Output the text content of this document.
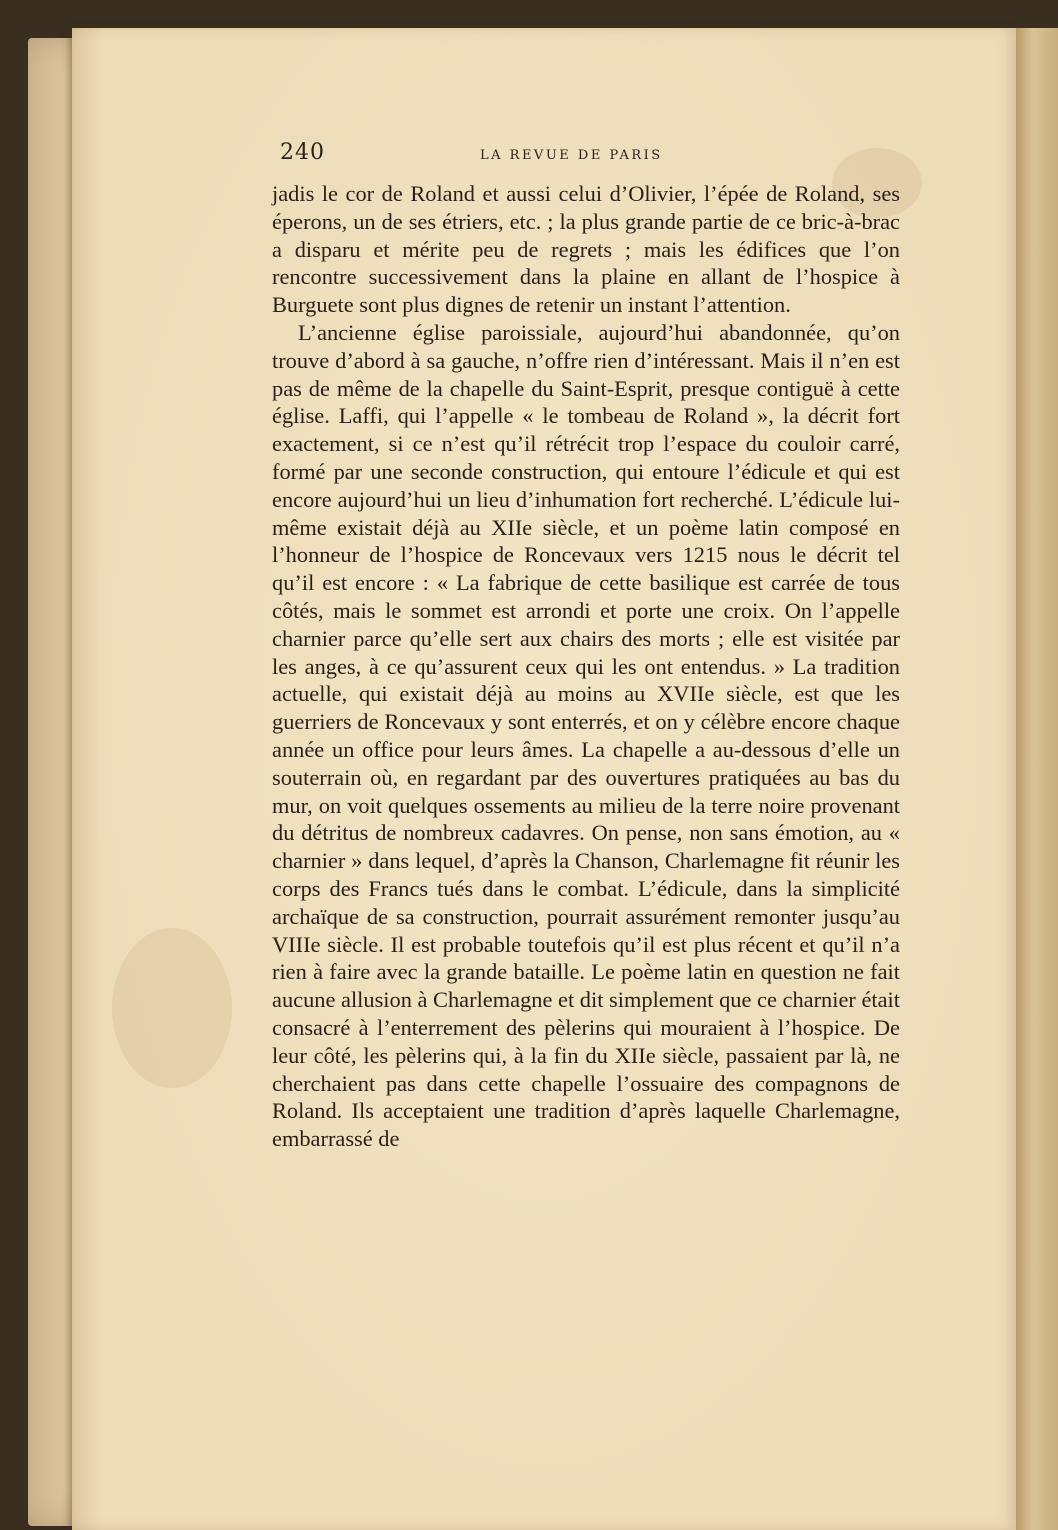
240	LA REVUE DE PARIS

jadis le cor de Roland et aussi celui d’Olivier, l’épée de Roland, ses éperons, un de ses étriers, etc. ; la plus grande partie de ce bric-à-brac a disparu et mérite peu de regrets ; mais les édifices que l’on rencontre successivement dans la plaine en allant de l’hospice à Burguete sont plus dignes de retenir un instant l’attention.

L’ancienne église paroissiale, aujourd’hui abandonnée, qu’on trouve d’abord à sa gauche, n’offre rien d’intéressant. Mais il n’en est pas de même de la chapelle du Saint-Esprit, presque contiguë à cette église. Laffi, qui l’appelle « le tombeau de Roland », la décrit fort exactement, si ce n’est qu’il rétrécit trop l’espace du couloir carré, formé par une seconde construction, qui entoure l’édicule et qui est encore aujourd’hui un lieu d’inhumation fort recherché. L’édicule lui-même existait déjà au XIIe siècle, et un poème latin composé en l’honneur de l’hospice de Roncevaux vers 1215 nous le décrit tel qu’il est encore : « La fabrique de cette basilique est carrée de tous côtés, mais le sommet est arrondi et porte une croix. On l’appelle charnier parce qu’elle sert aux chairs des morts ; elle est visitée par les anges, à ce qu’assurent ceux qui les ont entendus. » La tradition actuelle, qui existait déjà au moins au XVIIe siècle, est que les guerriers de Roncevaux y sont enterrés, et on y célèbre encore chaque année un office pour leurs âmes. La chapelle a au-dessous d’elle un souterrain où, en regardant par des ouvertures pratiquées au bas du mur, on voit quelques ossements au milieu de la terre noire provenant du détritus de nombreux cadavres. On pense, non sans émotion, au « charnier » dans lequel, d’après la Chanson, Charlemagne fit réunir les corps des Francs tués dans le combat. L’édicule, dans la simplicité archaïque de sa construction, pourrait assurément remonter jusqu’au VIIIe siècle. Il est probable toutefois qu’il est plus récent et qu’il n’a rien à faire avec la grande bataille. Le poème latin en question ne fait aucune allusion à Charlemagne et dit simplement que ce charnier était consacré à l’enterrement des pèlerins qui mouraient à l’hospice. De leur côté, les pèlerins qui, à la fin du XIIe siècle, passaient par là, ne cherchaient pas dans cette chapelle l’ossuaire des compagnons de Roland. Ils acceptaient une tradition d’après laquelle Charlemagne, embarrassé de
